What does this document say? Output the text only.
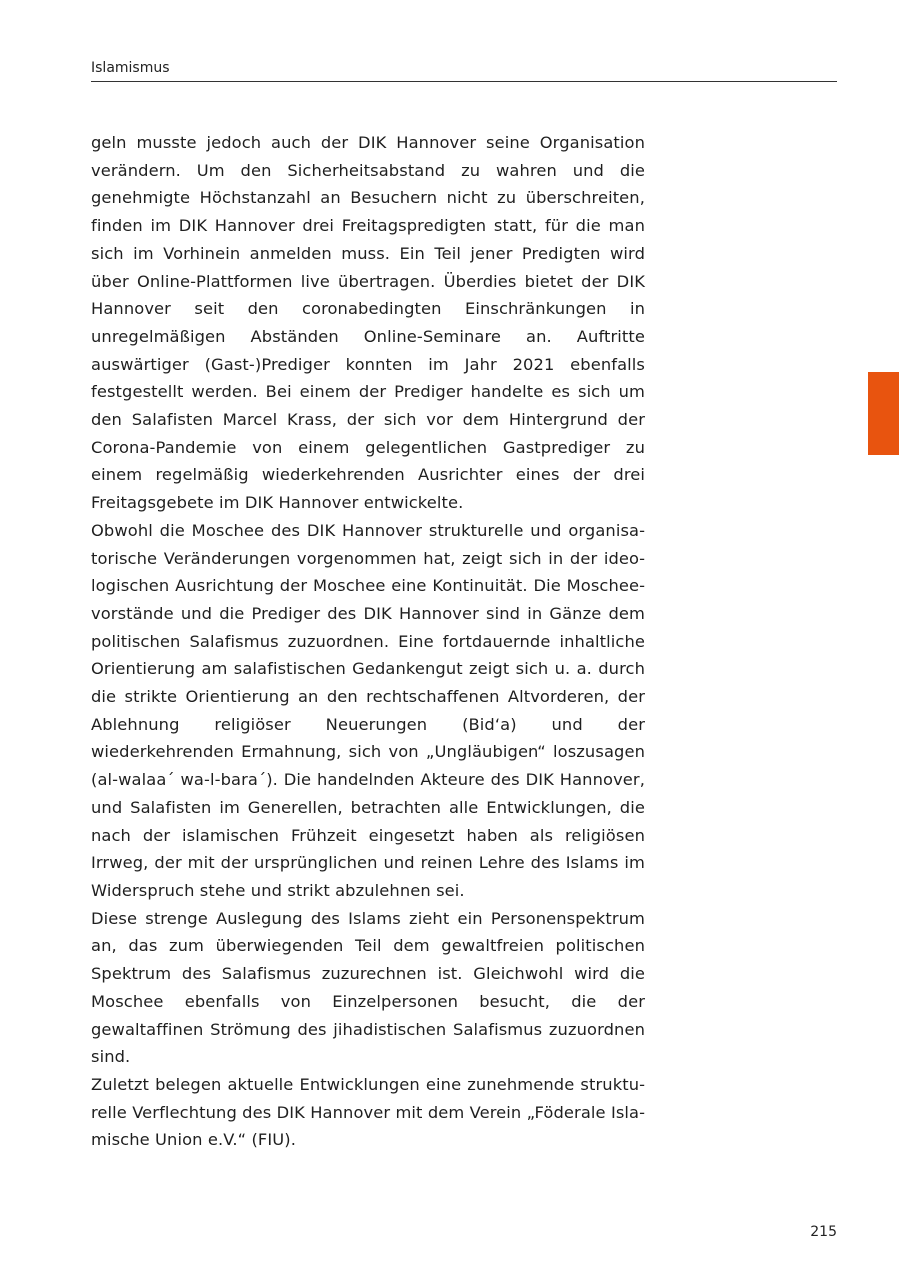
Islamismus

geln musste jedoch auch der DIK Hannover seine Organisation verändern. Um den Sicherheitsabstand zu wahren und die genehmigte Höchstanzahl an Besuchern nicht zu überschreiten, finden im DIK Hannover drei Freitagspredigten statt, für die man sich im Vorhinein anmelden muss. Ein Teil jener Predigten wird über Online-Plattformen live übertragen. Überdies bietet der DIK Hannover seit den coronabedingten Einschränkungen in unregelmäßigen Abständen Online-Seminare an. Auftritte auswärtiger (Gast-)Prediger konnten im Jahr 2021 ebenfalls festgestellt werden. Bei einem der Prediger handelte es sich um den Salafisten Marcel Krass, der sich vor dem Hintergrund der Corona-Pandemie von einem gelegentlichen Gastprediger zu einem regelmäßig wiederkehrenden Ausrichter eines der drei Freitagsgebete im DIK Hannover entwickelte.

Obwohl die Moschee des DIK Hannover strukturelle und organisatorische Veränderungen vorgenommen hat, zeigt sich in der ideologischen Ausrichtung der Moschee eine Kontinuität. Die Moscheevorstände und die Prediger des DIK Hannover sind in Gänze dem politischen Salafismus zuzuordnen. Eine fortdauernde inhaltliche Orientierung am salafistischen Gedankengut zeigt sich u. a. durch die strikte Orientierung an den rechtschaffenen Altvorderen, der Ablehnung religiöser Neuerungen (Bid‘a) und der wiederkehrenden Ermahnung, sich von „Ungläubigen“ loszusagen (al-walaa´ wa-l-bara´). Die handelnden Akteure des DIK Hannover, und Salafisten im Generellen, betrachten alle Entwicklungen, die nach der islamischen Frühzeit eingesetzt haben als religiösen Irrweg, der mit der ursprünglichen und reinen Lehre des Islams im Widerspruch stehe und strikt abzulehnen sei.

Diese strenge Auslegung des Islams zieht ein Personenspektrum an, das zum überwiegenden Teil dem gewaltfreien politischen Spektrum des Salafismus zuzurechnen ist. Gleichwohl wird die Moschee ebenfalls von Einzelpersonen besucht, die der gewaltaffinen Strömung des jihadistischen Salafismus zuzuordnen sind.

Zuletzt belegen aktuelle Entwicklungen eine zunehmende strukturelle Verflechtung des DIK Hannover mit dem Verein „Föderale Islamische Union e.V.“ (FIU).

215
